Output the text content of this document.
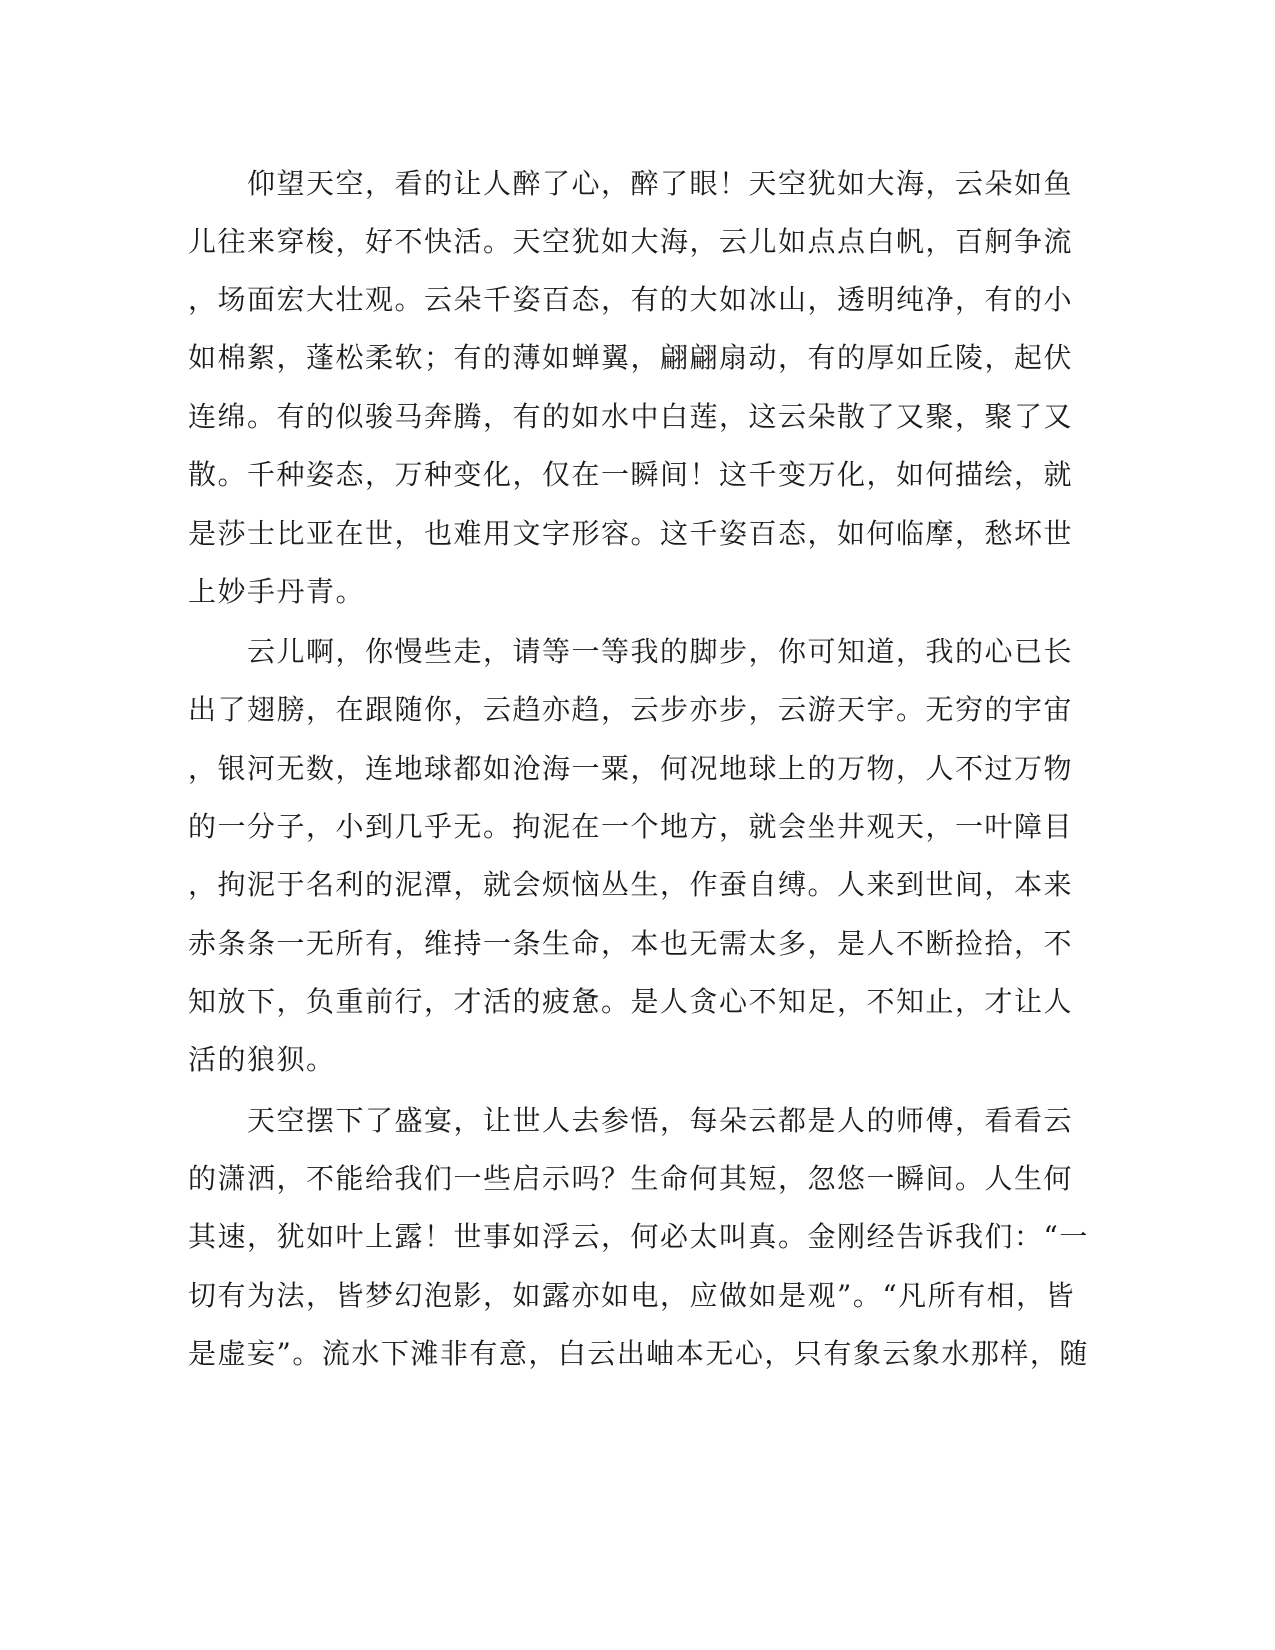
　　仰望天空，看的让人醉了心，醉了眼！天空犹如大海，云朵如鱼
儿往来穿梭，好不快活。天空犹如大海，云儿如点点白帆，百舸争流
，场面宏大壮观。云朵千姿百态，有的大如冰山，透明纯净，有的小
如棉絮，蓬松柔软；有的薄如蝉翼，翩翩扇动，有的厚如丘陵，起伏
连绵。有的似骏马奔腾，有的如水中白莲，这云朵散了又聚，聚了又
散。千种姿态，万种变化，仅在一瞬间！这千变万化，如何描绘，就
是莎士比亚在世，也难用文字形容。这千姿百态，如何临摩，愁坏世
上妙手丹青。
　　云儿啊，你慢些走，请等一等我的脚步，你可知道，我的心已长
出了翅膀，在跟随你，云趋亦趋，云步亦步，云游天宇。无穷的宇宙
，银河无数，连地球都如沧海一粟，何况地球上的万物，人不过万物
的一分子，小到几乎无。拘泥在一个地方，就会坐井观天，一叶障目
，拘泥于名利的泥潭，就会烦恼丛生，作蚕自缚。人来到世间，本来
赤条条一无所有，维持一条生命，本也无需太多，是人不断捡拾，不
知放下，负重前行，才活的疲惫。是人贪心不知足，不知止，才让人
活的狼狈。
　　天空摆下了盛宴，让世人去参悟，每朵云都是人的师傅，看看云
的潇洒，不能给我们一些启示吗？生命何其短，忽悠一瞬间。人生何
其速，犹如叶上露！世事如浮云，何必太叫真。金刚经告诉我们：“一
切有为法，皆梦幻泡影，如露亦如电，应做如是观”。“凡所有相，皆
是虚妄”。流水下滩非有意，白云出岫本无心，只有象云象水那样，随
